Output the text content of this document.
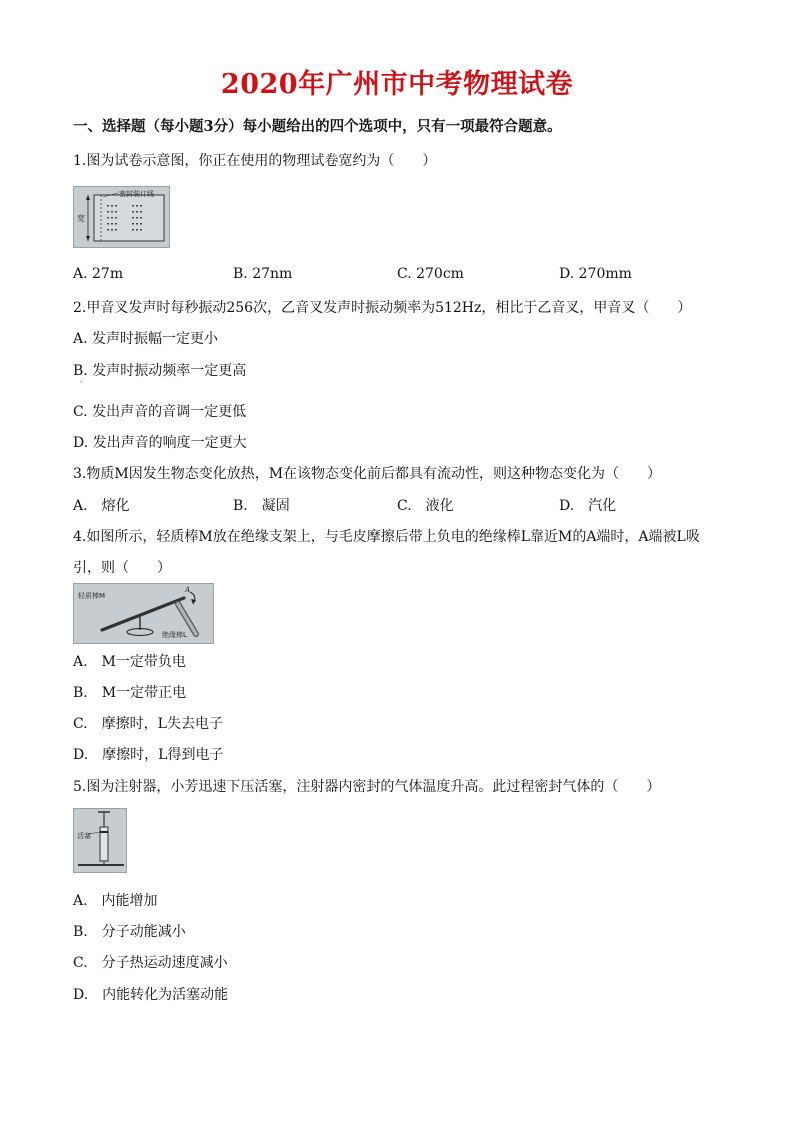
2020年广州市中考物理试卷
一、选择题（每小题3分）每小题给出的四个选项中，只有一项最符合题意。
1.图为试卷示意图，你正在使用的物理试卷宽约为（　　）
密封装订线
宽
A. 27m	B. 27nm	C. 270cm	D. 270mm
2.甲音叉发声时每秒振动256次，乙音叉发声时振动频率为512Hz，相比于乙音叉，甲音叉（　　）
A. 发声时振幅一定更小
B. 发声时振动频率一定更高
·
C. 发出声音的音调一定更低
D. 发出声音的响度一定更大
3.物质M因发生物态变化放热，M在该物态变化前后都具有流动性，则这种物态变化为（　　）
A.　熔化	B.　凝固	C.　液化	D.　汽化
4.如图所示，轻质棒M放在绝缘支架上，与毛皮摩擦后带上负电的绝缘棒L靠近M的A端时，A端被L吸
引，则（　　）
轻质棒M
A
绝缘棒L
A.　M一定带负电
B.　M一定带正电
C.　摩擦时，L失去电子
D.　摩擦时，L得到电子
5.图为注射器，小芳迅速下压活塞，注射器内密封的气体温度升高。此过程密封气体的（　　）
活塞
A.　内能增加
B.　分子动能减小
C.　分子热运动速度减小
D.　内能转化为活塞动能
